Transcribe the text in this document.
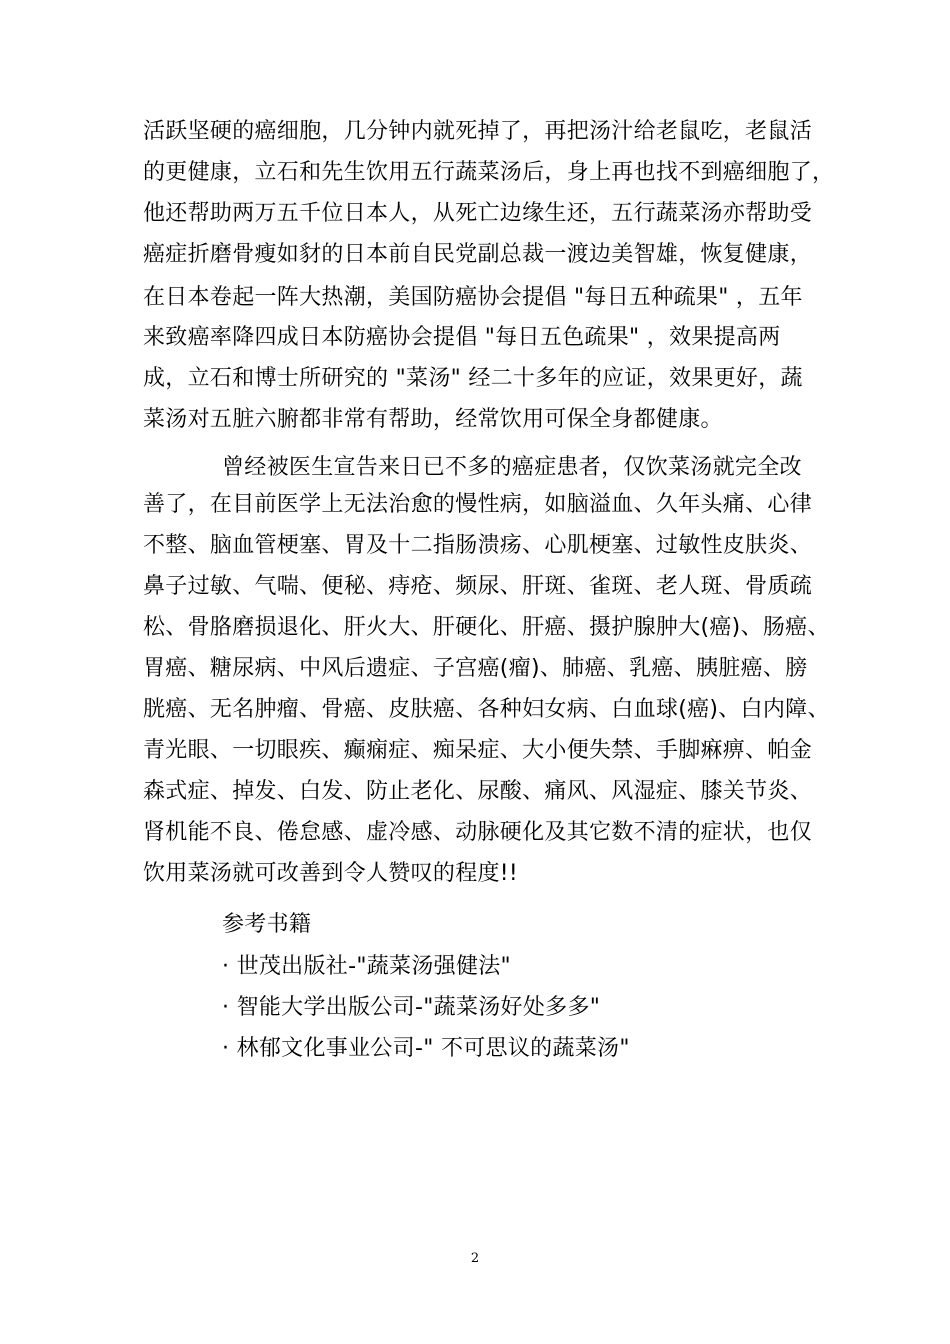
活跃坚硬的癌细胞，几分钟内就死掉了，再把汤汁给老鼠吃，老鼠活
的更健康，立石和先生饮用五行蔬菜汤后，身上再也找不到癌细胞了，
他还帮助两万五千位日本人，从死亡边缘生还，五行蔬菜汤亦帮助受
癌症折磨骨瘦如豺的日本前自民党副总裁一渡边美智雄，恢复健康，
在日本卷起一阵大热潮，美国防癌协会提倡 "每日五种疏果" ，五年
来致癌率降四成日本防癌协会提倡 "每日五色疏果" ，效果提高两
成，立石和博士所研究的 "菜汤" 经二十多年的应证，效果更好，蔬
菜汤对五脏六腑都非常有帮助，经常饮用可保全身都健康。
曾经被医生宣告来日已不多的癌症患者，仅饮菜汤就完全改
善了，在目前医学上无法治愈的慢性病，如脑溢血、久年头痛、心律
不整、脑血管梗塞、胃及十二指肠溃疡、心肌梗塞、过敏性皮肤炎、
鼻子过敏、气喘、便秘、痔疮、频尿、肝斑、雀斑、老人斑、骨质疏
松、骨胳磨损退化、肝火大、肝硬化、肝癌、摄护腺肿大(癌)、肠癌、
胃癌、糖尿病、中风后遗症、子宫癌(瘤)、肺癌、乳癌、胰脏癌、膀
胱癌、无名肿瘤、骨癌、皮肤癌、各种妇女病、白血球(癌)、白内障、
青光眼、一切眼疾、癫痫症、痴呆症、大小便失禁、手脚痳痹、帕金
森式症、掉发、白发、防止老化、尿酸、痛风、风湿症、膝关节炎、
肾机能不良、倦怠感、虚冷感、动脉硬化及其它数不清的症状，也仅
饮用菜汤就可改善到令人赞叹的程度!!
参考书籍
· 世茂出版社-"蔬菜汤强健法"
· 智能大学出版公司-"蔬菜汤好处多多"
· 林郁文化事业公司-" 不可思议的蔬菜汤"
2
